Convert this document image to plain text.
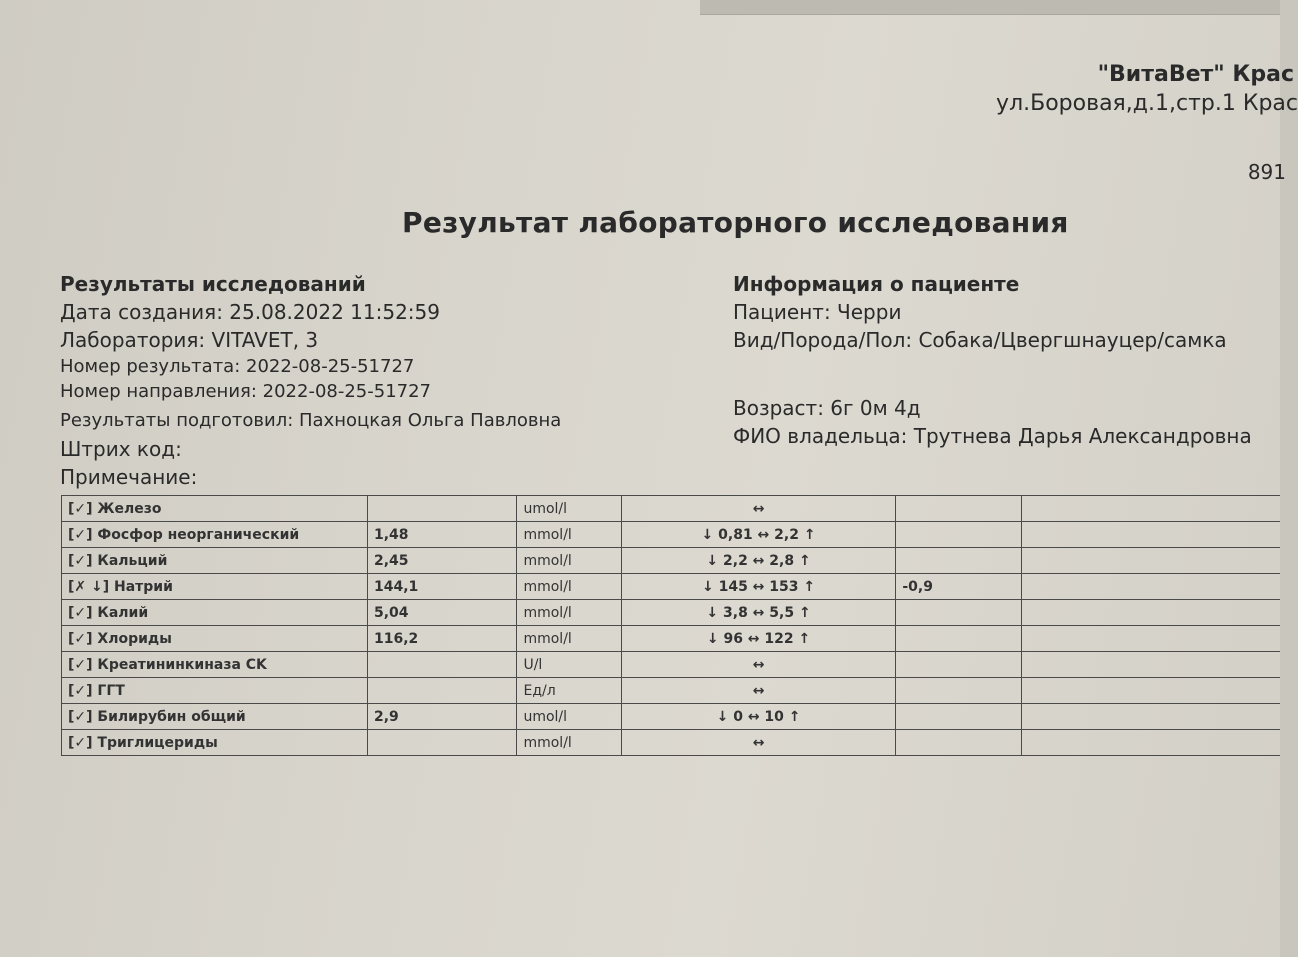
"ВитаВет" Крас
ул.Боровая,д.1,стр.1 Крас
891
Результат лабораторного исследования
Результаты исследований
Дата создания: 25.08.2022 11:52:59
Лаборатория: VITAVET, 3
Номер результата: 2022-08-25-51727
Номер направления: 2022-08-25-51727
Результаты подготовил: Пахноцкая Ольга Павловна
Штрих код:
Примечание:
Информация о пациенте
Пациент: Черри
Вид/Порода/Пол: Собака/Цвергшнауцер/самка
Возраст: 6г 0м 4д
ФИО владельца: Трутнева Дарья Александровна
[✓] Железо		umol/l	↔		
[✓] Фосфор неорганический	1,48	mmol/l	↓ 0,81 ↔ 2,2 ↑		
[✓] Кальций	2,45	mmol/l	↓ 2,2 ↔ 2,8 ↑		
[✗ ↓] Натрий	144,1	mmol/l	↓ 145 ↔ 153 ↑	-0,9	
[✓] Калий	5,04	mmol/l	↓ 3,8 ↔ 5,5 ↑		
[✓] Хлориды	116,2	mmol/l	↓ 96 ↔ 122 ↑		
[✓] Креатининкиназа CK		U/l	↔		
[✓] ГГТ		Ед/л	↔		
[✓] Билирубин общий	2,9	umol/l	↓ 0 ↔ 10 ↑		
[✓] Триглицериды		mmol/l	↔		
